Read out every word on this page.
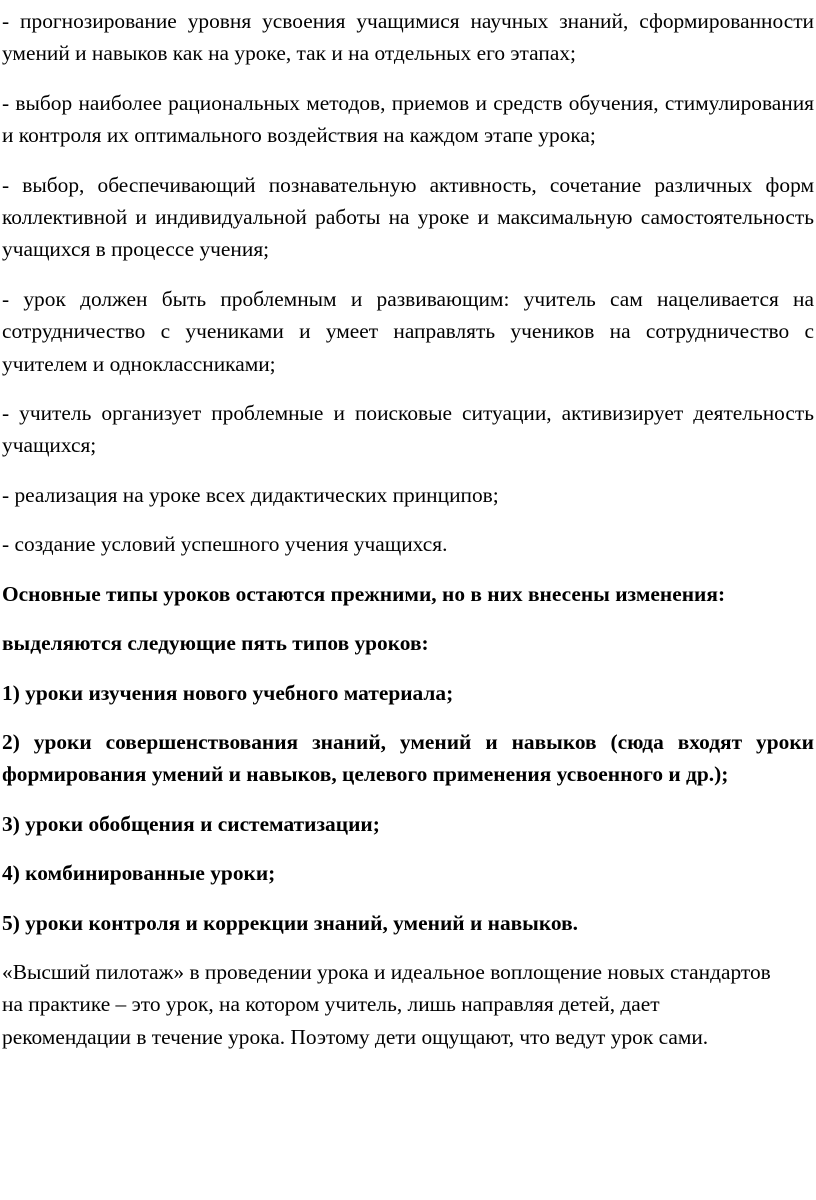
- прогнозирование уровня усвоения учащимися научных знаний, сформированности умений и навыков как на уроке, так и на отдельных его этапах;

- выбор наиболее рациональных методов, приемов и средств обучения, стимулирования и контроля их оптимального воздействия на каждом этапе урока;

- выбор, обеспечивающий познавательную активность, сочетание различных форм коллективной и индивидуальной работы на уроке и максимальную самостоятельность учащихся в процессе учения;

- урок должен быть проблемным и развивающим: учитель сам нацеливается на сотрудничество с учениками и умеет направлять учеников на сотрудничество с учителем и одноклассниками;

- учитель организует проблемные и поисковые ситуации, активизирует деятельность учащихся;

- реализация на уроке всех дидактических принципов;

- создание условий успешного учения учащихся.

Основные типы уроков остаются прежними, но в них внесены изменения:

выделяются следующие пять типов уроков:

1) уроки изучения нового учебного материала;

2) уроки совершенствования знаний, умений и навыков (сюда входят уроки формирования умений и навыков, целевого применения усвоенного и др.);

3) уроки обобщения и систематизации;

4) комбинированные уроки;

5) уроки контроля и коррекции знаний, умений и навыков.

«Высший пилотаж» в проведении урока и идеальное воплощение новых стандартов на практике – это урок, на котором учитель, лишь направляя детей, дает рекомендации в течение урока. Поэтому дети ощущают, что ведут урок сами.
